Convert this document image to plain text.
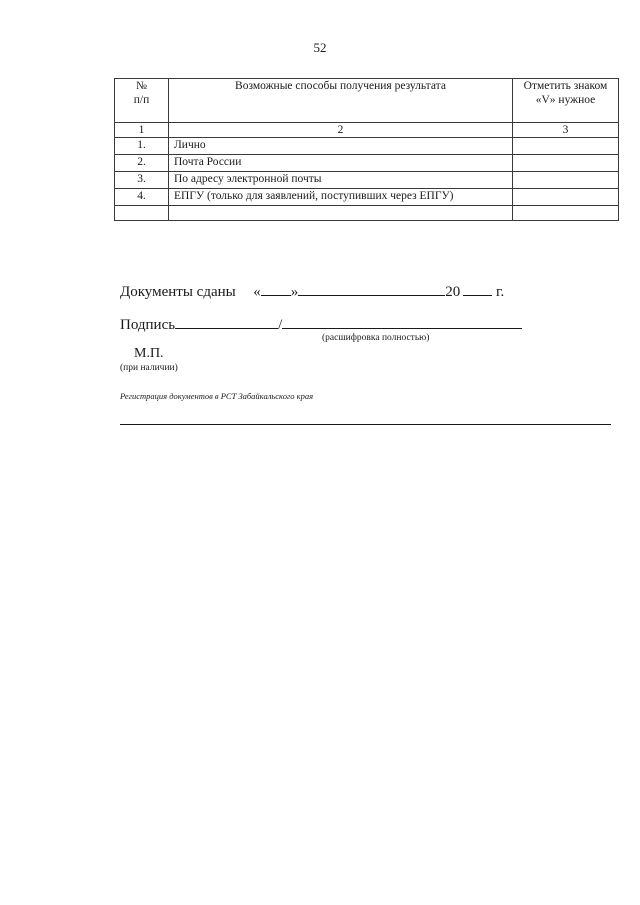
52
№
п/п	Возможные способы получения результата	Отметить знаком «V» нужное
1	2	3
1.	Лично	
2.	Почта России	
3.	По адресу электронной почты	
4.	ЕПГУ (только для заявлений, поступивших через ЕПГУ)	

Документы сданы « »	20 г.
Подпись	/
(расшифровка полностью)
М.П.
(при наличии)
Регистрация документов в РСТ Забайкальского края
